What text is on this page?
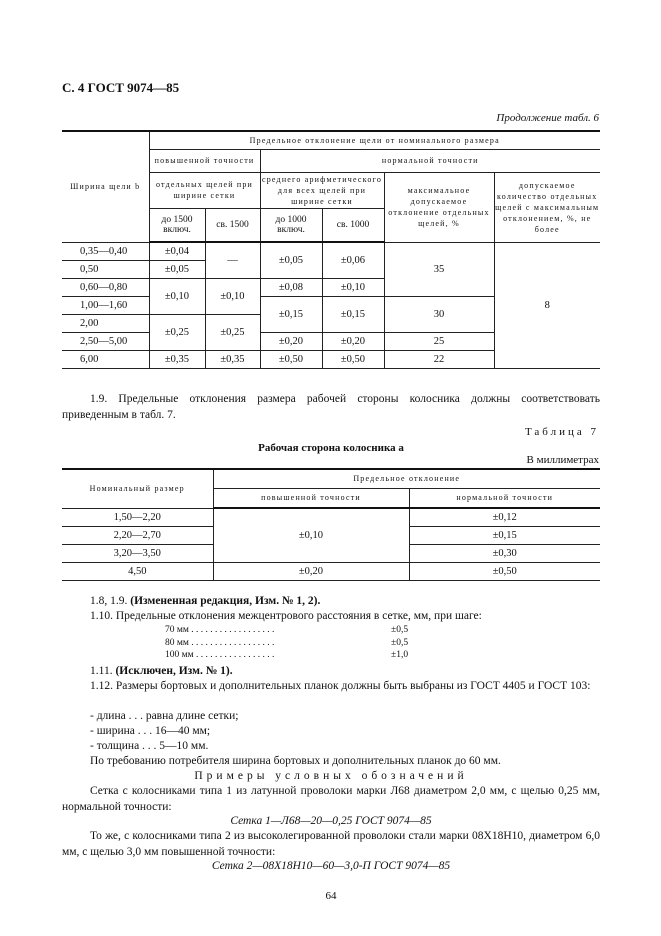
С. 4 ГОСТ 9074—85
Продолжение табл. 6
Ширина щели b	Предельное отклонение щели от номинального размера					
	повышенной точности		нормальной точности			
	отдельных щелей при ширине сетки		среднего арифметического для всех щелей при ширине сетки		максимальное допускаемое отклонение отдельных щелей, %	допускаемое количество отдельных щелей с максимальным отклонением, %, не более
	до 1500 включ.	св. 1500	до 1000 включ.	св. 1000		
0,35—0,40	±0,04	—	±0,05	±0,06	35	8
0,50	±0,05					
0,60—0,80	±0,10	±0,10	±0,08	±0,10		
1,00—1,60			±0,15	±0,15	30	
2,00	±0,25	±0,25				
2,50—5,00			±0,20	±0,20	25	
6,00	±0,35	±0,35	±0,50	±0,50	22	
1.9. Предельные отклонения размера рабочей стороны колосника должны соответствовать приведенным в табл. 7.
Таблица 7
Рабочая сторона колосника a
В миллиметрах
Номинальный размер	Предельное отклонение	
	повышенной точности	нормальной точности
1,50—2,20	±0,10	±0,12
2,20—2,70		±0,15
3,20—3,50		±0,30
4,50	±0,20	±0,50
1.8, 1.9. (Измененная редакция, Изм. № 1, 2).
1.10. Предельные отклонения межцентрового расстояния в сетке, мм, при шаге:
70 мм . . . . . . . . . . . . . . . . . .	±0,5
80 мм . . . . . . . . . . . . . . . . . .	±0,5
100 мм . . . . . . . . . . . . . . . . .	±1,0
1.11. (Исключен, Изм. № 1).
1.12. Размеры бортовых и дополнительных планок должны быть выбраны из ГОСТ 4405 и ГОСТ 103:
- длина . . . равна длине сетки;
- ширина . . . 16—40 мм;
- толщина . . . 5—10 мм.
По требованию потребителя ширина бортовых и дополнительных планок до 60 мм.
Примеры условных обозначений
Сетка с колосниками типа 1 из латунной проволоки марки Л68 диаметром 2,0 мм, с щелью 0,25 мм, нормальной точности:
Сетка 1—Л68—20—0,25 ГОСТ 9074—85
То же, с колосниками типа 2 из высоколегированной проволоки стали марки 08Х18Н10, диаметром 6,0 мм, с щелью 3,0 мм повышенной точности:
Сетка 2—08Х18Н10—60—3,0-П ГОСТ 9074—85
64
